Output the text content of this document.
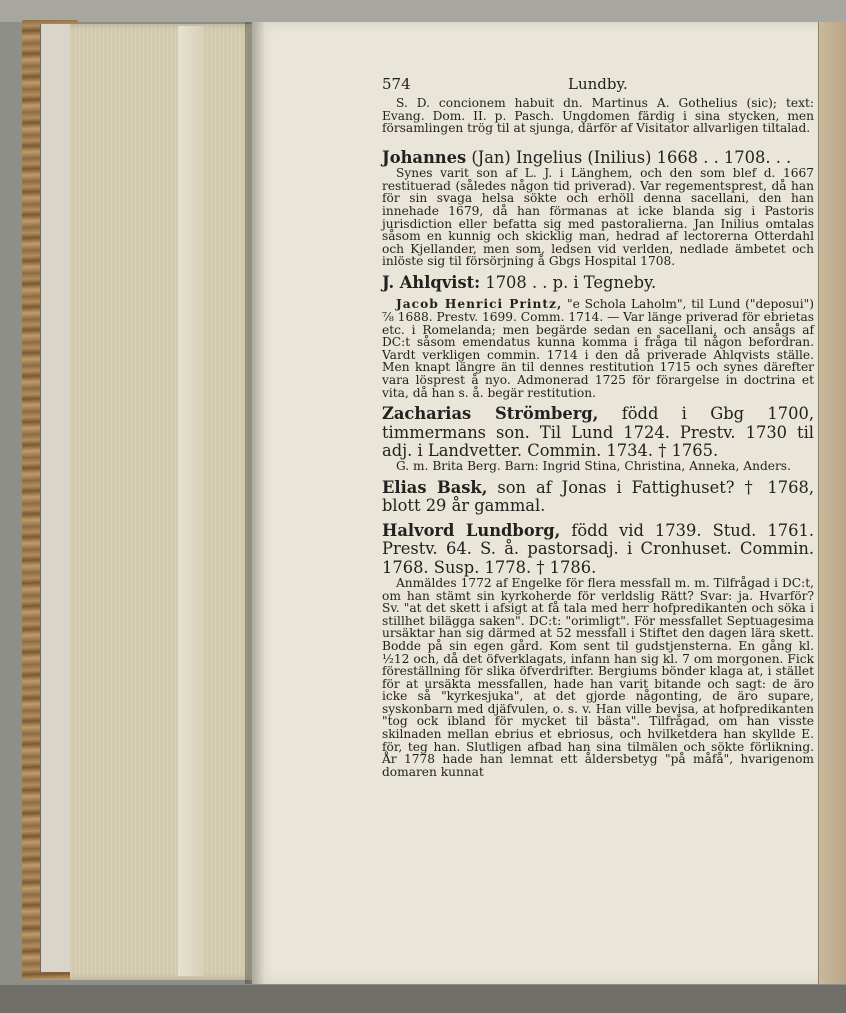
574	Lundby.

S. D. concionem habuit dn. Martinus A. Gothelius (sic); text: Evang. Dom. II. p. Pasch. Ungdomen färdig i sina stycken, men församlingen trög til at sjunga, därför af Visitator allvarligen tiltalad.

Johannes (Jan) Ingelius (Inilius) 1668 . . 1708. . .

Synes varit son af L. J. i Länghem, och den som blef d. 1667 restituerad (således någon tid priverad). Var regementsprest, då han för sin svaga helsa sökte och erhöll denna sacellani, den han innehade 1679, då han förmanas at icke blanda sig i Pastoris jurisdiction eller befatta sig med pastoralierna. Jan Inilius omtalas såsom en kunnig och skicklig man, hedrad af lectorerna Otterdahl och Kjellander, men som, ledsen vid verlden, nedlade ämbetet och inlöste sig til försörjning å Gbgs Hospital 1708.

J. Ahlqvist: 1708 . . p. i Tegneby.

Jacob Henrici Printz, "e Schola Laholm", til Lund ("deposui") ⅞ 1688. Prestv. 1699. Comm. 1714. — Var länge priverad för ebrietas etc. i Romelanda; men begärde sedan en sacellani, och ansågs af DC:t såsom emendatus kunna komma i fråga til någon befordran. Vardt verkligen commin. 1714 i den då priverade Ahlqvists ställe. Men knapt längre än til dennes restitution 1715 och synes därefter vara lösprest å nyo. Admonerad 1725 för förargelse in doctrina et vita, då han s. å. begär restitution.

Zacharias Strömberg, född i Gbg 1700, timmermans son. Til Lund 1724. Prestv. 1730 til adj. i Landvetter. Commin. 1734. † 1765.

G. m. Brita Berg. Barn: Ingrid Stina, Christina, Anneka, Anders.

Elias Bask, son af Jonas i Fattighuset? † 1768, blott 29 år gammal.

Halvord Lundborg, född vid 1739. Stud. 1761. Prestv. 64. S. å. pastorsadj. i Cronhuset. Commin. 1768. Susp. 1778. † 1786.

Anmäldes 1772 af Engelke för flera messfall m. m. Tilfrågad i DC:t, om han stämt sin kyrkoherde för verldslig Rätt? Svar: ja. Hvarför? Sv. "at det skett i afsigt at få tala med herr hofpredikanten och söka i stillhet bilägga saken". DC:t: "orimligt". För messfallet Septuagesima ursäktar han sig därmed at 52 messfall i Stiftet den dagen lära skett. Bodde på sin egen gård. Kom sent til gudstjensterna. En gång kl. ½12 och, då det öfverklagats, infann han sig kl. 7 om morgonen. Fick föreställning för slika öfverdrifter. Bergiums bönder klaga at, i stället för at ursäkta messfallen, hade han varit bitande och sagt: de äro icke så "kyrkesjuka", at det gjorde någonting, de äro supare, syskonbarn med djäfvulen, o. s. v. Han ville bevisa, at hofpredikanten "tog ock ibland för mycket til bästa". Tilfrågad, om han visste skilnaden mellan ebrius et ebriosus, och hvilketdera han skyllde E. för, teg han. Slutligen afbad han sina tilmälen och sökte förlikning. År 1778 hade han lemnat ett åldersbetyg "på måfå", hvarigenom domaren kunnat
